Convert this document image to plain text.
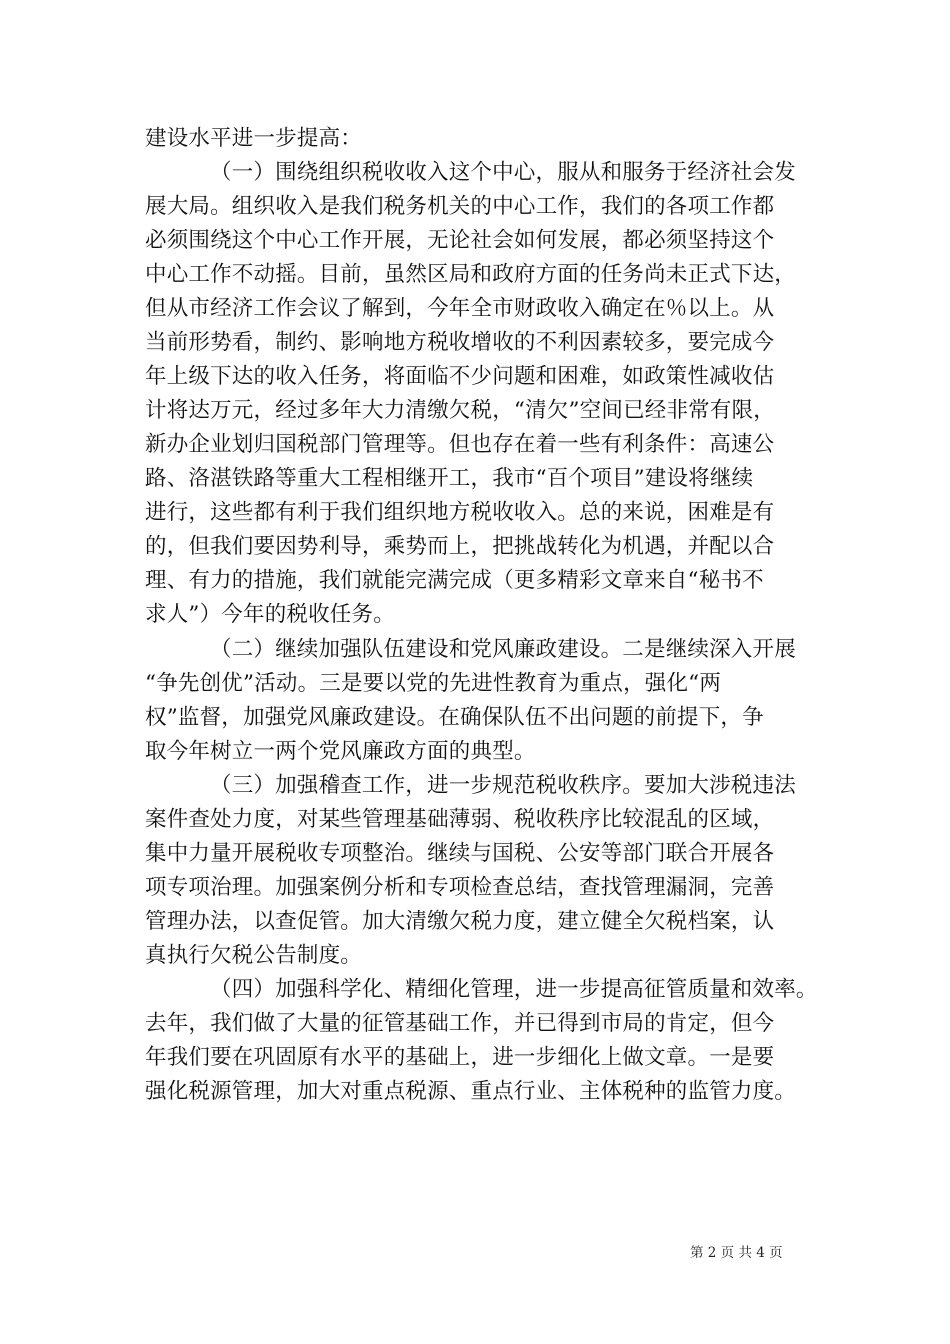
建设水平进一步提高：
（一）围绕组织税收收入这个中心，服从和服务于经济社会发
展大局。组织收入是我们税务机关的中心工作，我们的各项工作都
必须围绕这个中心工作开展，无论社会如何发展，都必须坚持这个
中心工作不动摇。目前，虽然区局和政府方面的任务尚未正式下达，
但从市经济工作会议了解到，今年全市财政收入确定在％以上。从
当前形势看，制约、影响地方税收增收的不利因素较多，要完成今
年上级下达的收入任务，将面临不少问题和困难，如政策性减收估
计将达万元，经过多年大力清缴欠税，“清欠”空间已经非常有限，
新办企业划归国税部门管理等。但也存在着一些有利条件：高速公
路、洛湛铁路等重大工程相继开工，我市“百个项目”建设将继续
进行，这些都有利于我们组织地方税收收入。总的来说，困难是有
的，但我们要因势利导，乘势而上，把挑战转化为机遇，并配以合
理、有力的措施，我们就能完满完成（更多精彩文章来自“秘书不
求人”）今年的税收任务。
（二）继续加强队伍建设和党风廉政建设。二是继续深入开展
“争先创优”活动。三是要以党的先进性教育为重点，强化“两
权”监督，加强党风廉政建设。在确保队伍不出问题的前提下，争
取今年树立一两个党风廉政方面的典型。
（三）加强稽查工作，进一步规范税收秩序。要加大涉税违法
案件查处力度，对某些管理基础薄弱、税收秩序比较混乱的区域，
集中力量开展税收专项整治。继续与国税、公安等部门联合开展各
项专项治理。加强案例分析和专项检查总结，查找管理漏洞，完善
管理办法，以查促管。加大清缴欠税力度，建立健全欠税档案，认
真执行欠税公告制度。
（四）加强科学化、精细化管理，进一步提高征管质量和效率。
去年，我们做了大量的征管基础工作，并已得到市局的肯定，但今
年我们要在巩固原有水平的基础上，进一步细化上做文章。一是要
强化税源管理，加大对重点税源、重点行业、主体税种的监管力度。
第 2 页 共 4 页
